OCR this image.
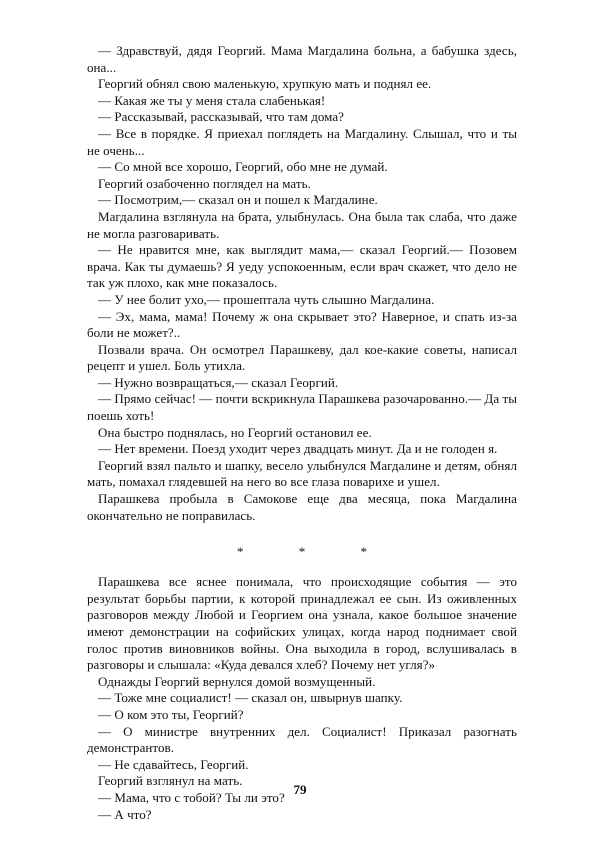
— Здравствуй, дядя Георгий. Мама Магдалина больна, а бабушка здесь, она...

Георгий обнял свою маленькую, хрупкую мать и поднял ее.

— Какая же ты у меня стала слабенькая!

— Рассказывай, рассказывай, что там дома?

— Все в порядке. Я приехал поглядеть на Магдалину. Слышал, что и ты не очень...

— Со мной все хорошо, Георгий, обо мне не думай.

Георгий озабоченно поглядел на мать.

— Посмотрим,— сказал он и пошел к Магдалине.

Магдалина взглянула на брата, улыбнулась. Она была так слаба, что даже не могла разговаривать.

— Не нравится мне, как выглядит мама,— сказал Георгий.— Позовем врача. Как ты думаешь? Я уеду успокоенным, если врач скажет, что дело не так уж плохо, как мне показалось.

— У нее болит ухо,— прошептала чуть слышно Магдалина.

— Эх, мама, мама! Почему ж она скрывает это? Наверное, и спать из-за боли не может?..

Позвали врача. Он осмотрел Парашкеву, дал кое-какие советы, написал рецепт и ушел. Боль утихла.

— Нужно возвращаться,— сказал Георгий.

— Прямо сейчас! — почти вскрикнула Парашкева разочарованно.— Да ты поешь хоть!

Она быстро поднялась, но Георгий остановил ее.

— Нет времени. Поезд уходит через двадцать минут. Да и не голоден я.

Георгий взял пальто и шапку, весело улыбнулся Магдалине и детям, обнял мать, помахал глядевшей на него во все глаза поварихе и ушел.

Парашкева пробыла в Самокове еще два месяца, пока Магдалина окончательно не поправилась.

* * *

Парашкева все яснее понимала, что происходящие события — это результат борьбы партии, к которой принадлежал ее сын. Из оживленных разговоров между Любой и Георгием она узнала, какое большое значение имеют демонстрации на софийских улицах, когда народ поднимает свой голос против виновников войны. Она выходила в город, вслушивалась в разговоры и слышала: «Куда девался хлеб? Почему нет угля?»

Однажды Георгий вернулся домой возмущенный.

— Тоже мне социалист! — сказал он, швырнув шапку.

— О ком это ты, Георгий?

— О министре внутренних дел. Социалист! Приказал разогнать демонстрантов.

— Не сдавайтесь, Георгий.

Георгий взглянул на мать.

— Мама, что с тобой? Ты ли это?

— А что?

79
